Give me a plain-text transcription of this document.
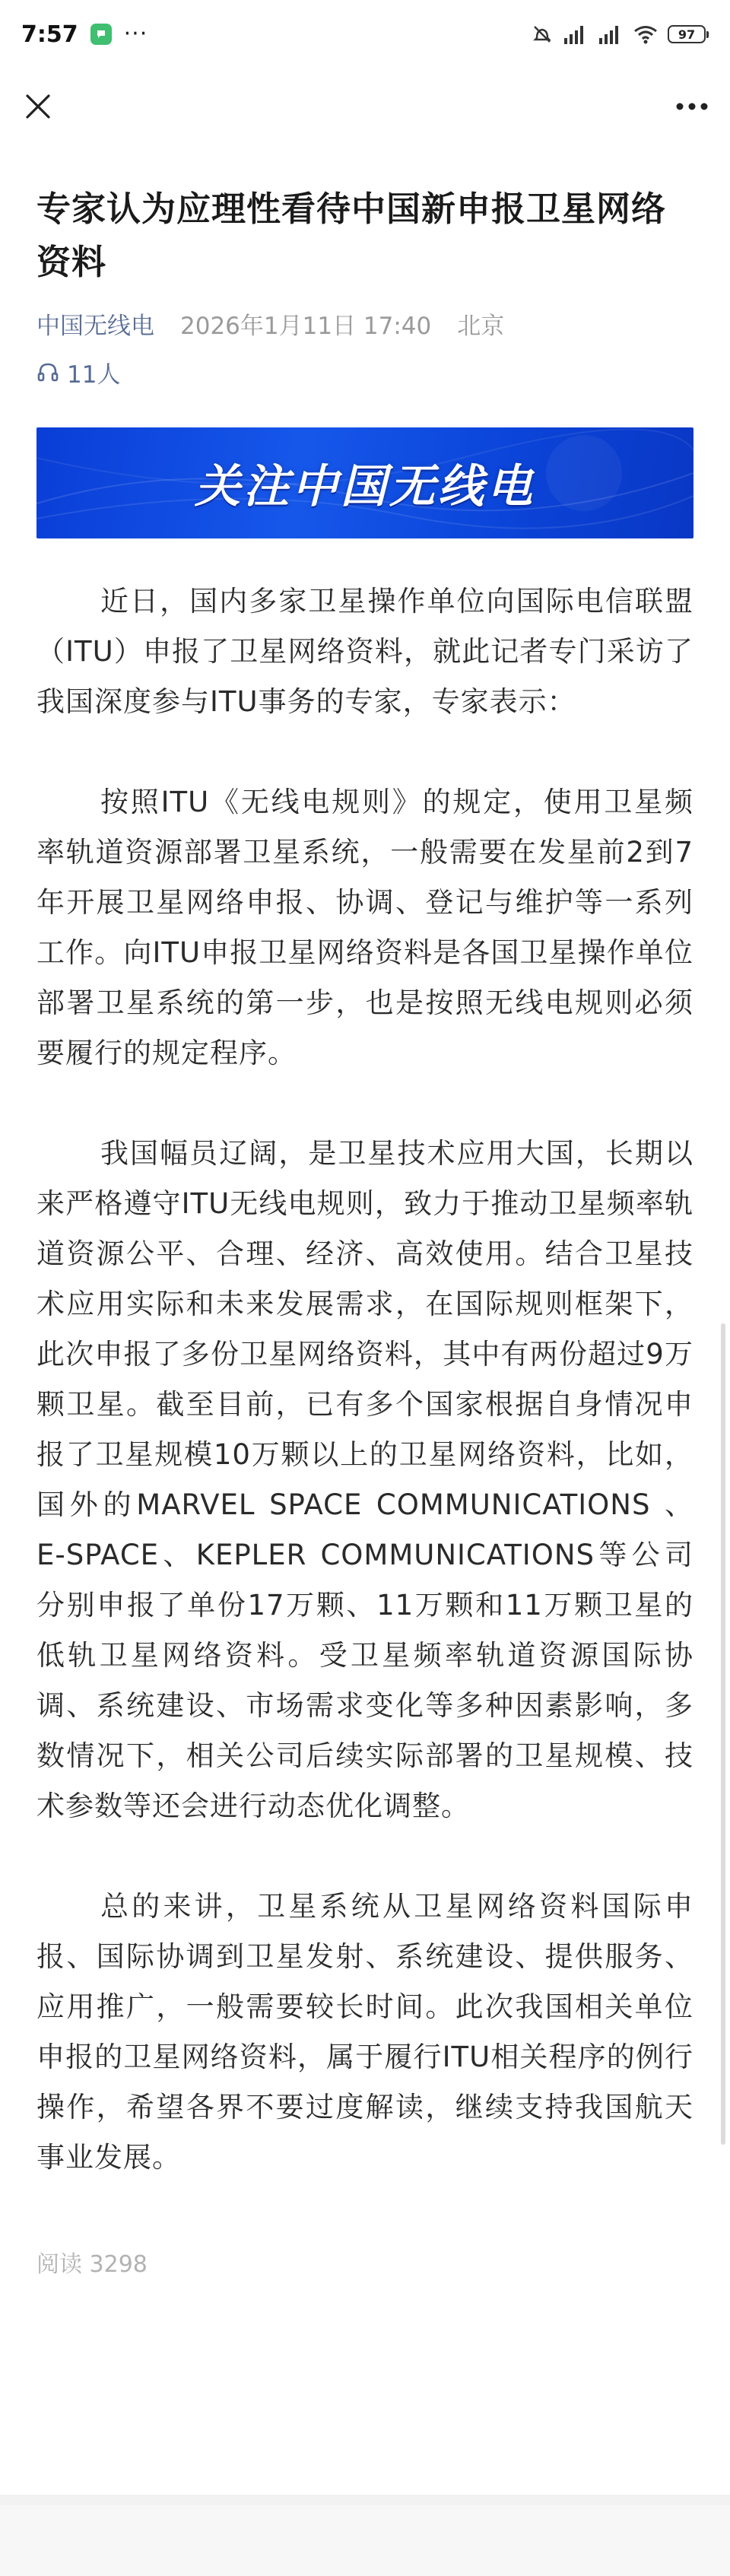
7:57 ···	97
专家认为应理性看待中国新申报卫星网络资料
中国无线电 2026年1月11日 17:40 北京
11人
关注中国无线电

近日，国内多家卫星操作单位向国际电信联盟（ITU）申报了卫星网络资料，就此记者专门采访了我国深度参与ITU事务的专家，专家表示：

按照ITU《无线电规则》的规定，使用卫星频率轨道资源部署卫星系统，一般需要在发星前2到7年开展卫星网络申报、协调、登记与维护等一系列工作。向ITU申报卫星网络资料是各国卫星操作单位部署卫星系统的第一步，也是按照无线电规则必须要履行的规定程序。

我国幅员辽阔，是卫星技术应用大国，长期以来严格遵守ITU无线电规则，致力于推动卫星频率轨道资源公平、合理、经济、高效使用。结合卫星技术应用实际和未来发展需求，在国际规则框架下，此次申报了多份卫星网络资料，其中有两份超过9万颗卫星。截至目前，已有多个国家根据自身情况申报了卫星规模10万颗以上的卫星网络资料，比如，国外的MARVEL SPACE COMMUNICATIONS 、E-SPACE、KEPLER COMMUNICATIONS等公司分别申报了单份17万颗、11万颗和11万颗卫星的低轨卫星网络资料。受卫星频率轨道资源国际协调、系统建设、市场需求变化等多种因素影响，多数情况下，相关公司后续实际部署的卫星规模、技术参数等还会进行动态优化调整。

总的来讲，卫星系统从卫星网络资料国际申报、国际协调到卫星发射、系统建设、提供服务、应用推广，一般需要较长时间。此次我国相关单位申报的卫星网络资料，属于履行ITU相关程序的例行操作，希望各界不要过度解读，继续支持我国航天事业发展。

阅读 3298
